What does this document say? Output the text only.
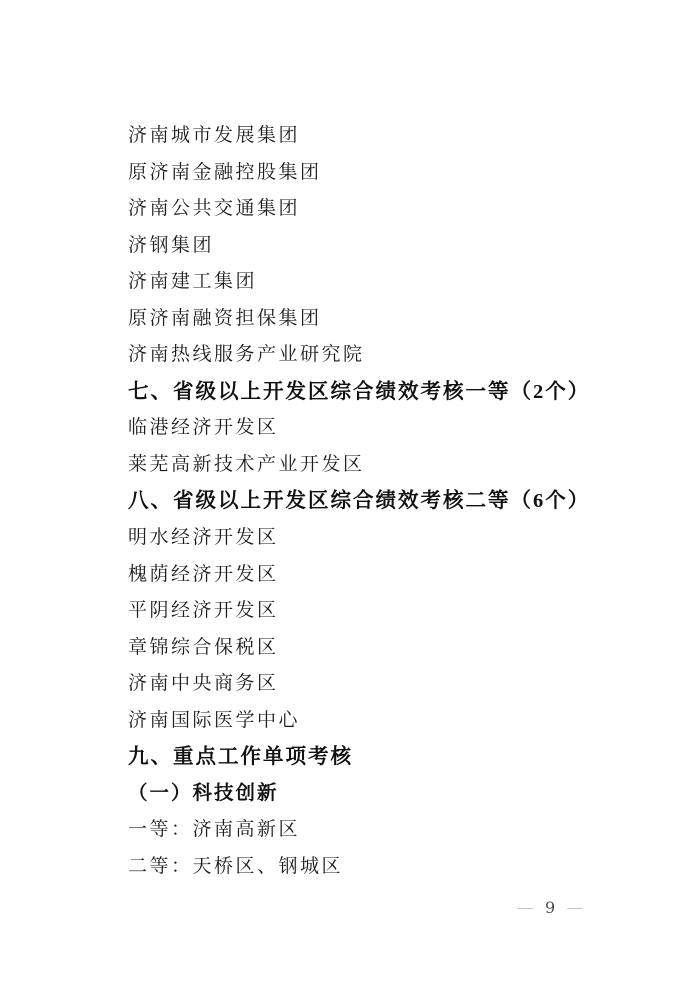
济南城市发展集团

原济南金融控股集团

济南公共交通集团

济钢集团

济南建工集团

原济南融资担保集团

济南热线服务产业研究院

七、省级以上开发区综合绩效考核一等（2个）

临港经济开发区

莱芜高新技术产业开发区

八、省级以上开发区综合绩效考核二等（6个）

明水经济开发区

槐荫经济开发区

平阴经济开发区

章锦综合保税区

济南中央商务区

济南国际医学中心

九、重点工作单项考核

（一）科技创新

一等：济南高新区

二等：天桥区、钢城区

— 9 —
